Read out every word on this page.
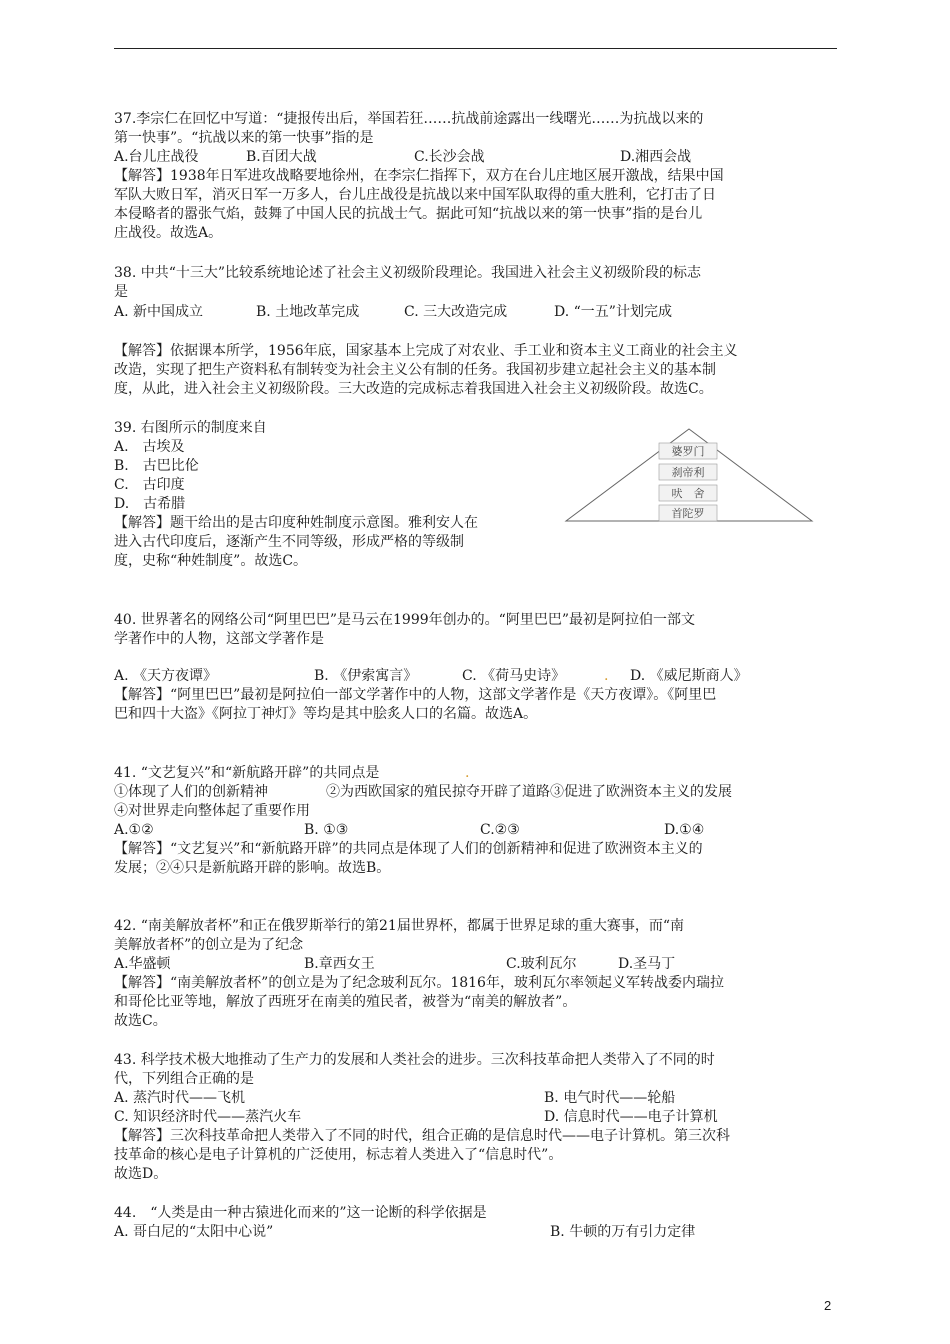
37.李宗仁在回忆中写道：“捷报传出后，举国若狂……抗战前途露出一线曙光……为抗战以来的
第一快事”。“抗战以来的第一快事”指的是
A.台儿庄战役	B.百团大战	C.长沙会战	D.湘西会战
【解答】1938年日军进攻战略要地徐州，在李宗仁指挥下，双方在台儿庄地区展开激战，结果中国
军队大败日军，消灭日军一万多人，台儿庄战役是抗战以来中国军队取得的重大胜利，它打击了日
本侵略者的嚣张气焰，鼓舞了中国人民的抗战士气。据此可知“抗战以来的第一快事”指的是台儿
庄战役。故选A。
38. 中共“十三大”比较系统地论述了社会主义初级阶段理论。我国进入社会主义初级阶段的标志
是
A. 新中国成立	B. 土地改革完成	C. 三大改造完成	D. “一五”计划完成
【解答】依据课本所学，1956年底，国家基本上完成了对农业、手工业和资本主义工商业的社会主义
改造，实现了把生产资料私有制转变为社会主义公有制的任务。我国初步建立起社会主义的基本制
度，从此，进入社会主义初级阶段。三大改造的完成标志着我国进入社会主义初级阶段。故选C。
39. 右图所示的制度来自
A.　古埃及
B.　古巴比伦
C.　古印度
D.　古希腊
【解答】题干给出的是古印度种姓制度示意图。雅利安人在
进入古代印度后，逐渐产生不同等级，形成严格的等级制
度，史称“种姓制度”。故选C。
婆罗门
刹帝利
吠　舍
首陀罗
40. 世界著名的网络公司“阿里巴巴”是马云在1999年创办的。“阿里巴巴”最初是阿拉伯一部文
学著作中的人物，这部文学著作是
A. 《天方夜谭》	B. 《伊索寓言》	C. 《荷马史诗》	. D. 《威尼斯商人》
【解答】“阿里巴巴”最初是阿拉伯一部文学著作中的人物，这部文学著作是《天方夜谭》。《阿里巴
巴和四十大盗》《阿拉丁神灯》等均是其中脍炙人口的名篇。故选A。
41. “文艺复兴”和“新航路开辟”的共同点是	.
①体现了人们的创新精神	②为西欧国家的殖民掠夺开辟了道路③促进了欧洲资本主义的发展
④对世界走向整体起了重要作用
A.①②	B. ①③	C.②③	D.①④
【解答】“文艺复兴”和“新航路开辟”的共同点是体现了人们的创新精神和促进了欧洲资本主义的
发展；②④只是新航路开辟的影响。故选B。
42. “南美解放者杯”和正在俄罗斯举行的第21届世界杯，都属于世界足球的重大赛事，而“南
美解放者杯”的创立是为了纪念
A.华盛顿	B.章西女王	C.玻利瓦尔	D.圣马丁
【解答】“南美解放者杯”的创立是为了纪念玻利瓦尔。1816年，玻利瓦尔率领起义军转战委内瑞拉
和哥伦比亚等地，解放了西班牙在南美的殖民者，被誉为“南美的解放者”。
故选C。
43. 科学技术极大地推动了生产力的发展和人类社会的进步。三次科技革命把人类带入了不同的时
代，下列组合正确的是
A. 蒸汽时代——飞机	B. 电气时代——轮船
C. 知识经济时代——蒸汽火车	D. 信息时代——电子计算机
【解答】三次科技革命把人类带入了不同的时代，组合正确的是信息时代——电子计算机。第三次科
技革命的核心是电子计算机的广泛使用，标志着人类进入了“信息时代”。
故选D。
44.　“人类是由一种古猿进化而来的”这一论断的科学依据是
A. 哥白尼的“太阳中心说”	B. 牛顿的万有引力定律
2
